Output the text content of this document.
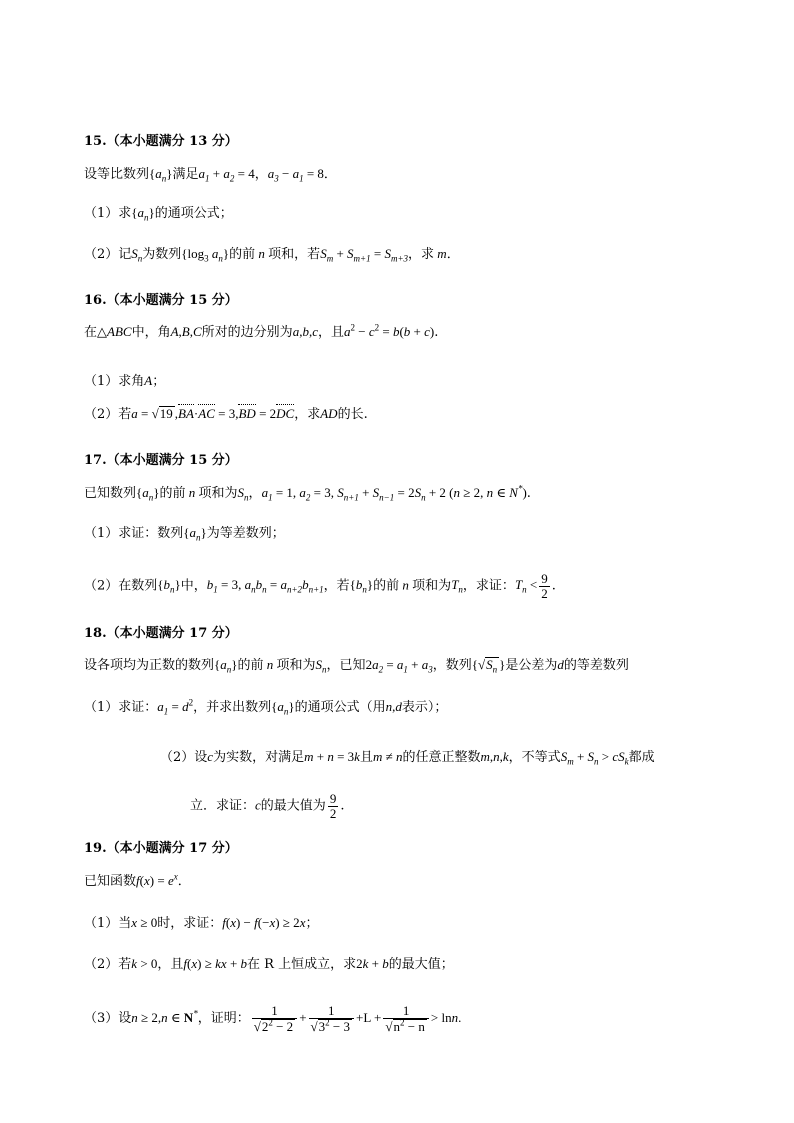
15.（本小题满分 13 分）
设等比数列$\{a_n\}$满足$a_1 + a_2 = 4$，$a_3 - a_1 = 8$．
（1）求$\{a_n\}$的通项公式；
（2）记$S_n$为数列{$\log_3$ $a_n$}的前 n 项和，若$S_m + S_{m+1} = S_{m+3}$，求 m．
16.（本小题满分 15 分）
在△ABC中，角A,B,C所对的边分别为a,b,c，且$a^2 - c^2 = b(b + c)$.
（1）求角A；
（2）若a = √19 ,BA·AC = 3,BD = 2DC，求AD的长.
17.（本小题满分 15 分）
已知数列$\{a_n\}$的前 n 项和为$S_n$，$a_1 = 1$, $a_2 = 3$, $S_{n+1} + S_{n-1} = 2S_n + 2$ (n ≥ 2, n ∈ N*).
（1）求证：数列$\{a_n\}$为等差数列；
（2）在数列$\{b_n\}$中，$b_1 = 3$, $a_nb_n = a_{n+2}b_{n+1}$，若$\{b_n\}$的前 n 项和为$T_n$，求证：$T_n < \frac{9}{2}$ .
18.（本小题满分 17 分）
设各项均为正数的数列$\{a_n\}$的前 n 项和为$S_n$，已知$2a_2 = a_1 + a_3$，数列{$√S_n$ }是公差为d的等差数列
（1）求证：$a_1 = d^2$，并求出数列$\{a_n\}$的通项公式（用n,d表示）；
（2）设c为实数，对满足m + n = 3k且m ≠ n的任意正整数m,n,k，不等式$S_m + S_n > cS_k$都成
立．求证：c的最大值为 $\frac{9}{2}$ .
19.（本小题满分 17 分）
已知函数$f(x) = e^x$．
（1）当x ≥ 0时，求证：f(x) − f(−x) ≥ 2x；
（2）若k > 0，且f(x) ≥ kx + b在 R 上恒成立，求2k + b的最大值；
（3）设n ≥ 2,n ∈ N*，证明： $\frac{1}{√2^2 - 2} + \frac{1}{√3^2 - 3} +L + \frac{1}{√n^2 - n} > \ln n$.
